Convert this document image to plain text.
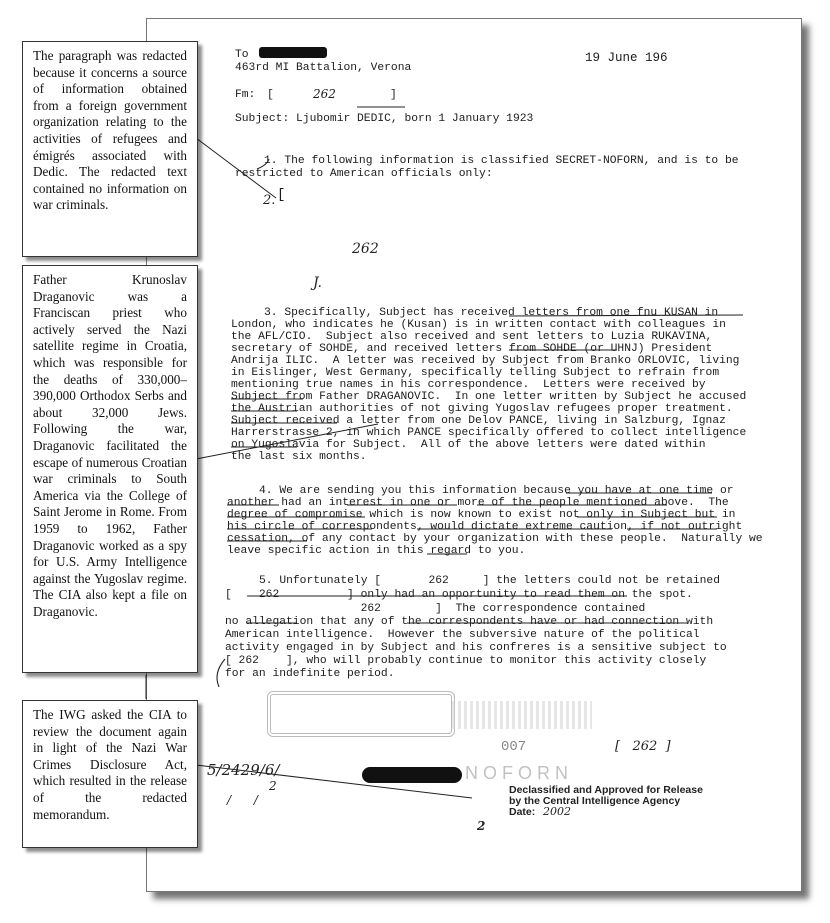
To
463rd MI Battalion, Verona
19 June 196
Fm: [	262	]
Subject: Ljubomir DEDIC, born 1 January 1923
1. The following information is classified SECRET-NOFORN, and is to be
restricted to American officials only:
2. [
262
J.
3. Specifically, Subject has received letters from one fnu KUSAN in
London, who indicates he (Kusan) is in written contact with colleagues in
the AFL/CIO.  Subject also received and sent letters to Luzia RUKAVINA,
secretary of SOHDE, and received letters from SOHDE (or UHNJ) President
Andrija ILIC.  A letter was received by Subject from Branko ORLOVIC, living
in Eislinger, West Germany, specifically telling Subject to refrain from
mentioning true names in his correspondence.  Letters were received by
Subject from Father DRAGANOVIC.  In one letter written by Subject he accused
the Austrian authorities of not giving Yugoslav refugees proper treatment.
Subject received a letter from one Delov PANCE, living in Salzburg, Ignaz
Harrerstrasse 2, in which PANCE specifically offered to collect intelligence
on Yugoslavia for Subject.  All of the above letters were dated within
the last six months.
4. We are sending you this information because you have at one time or
another had an interest in one or more of the people mentioned above.  The
degree of compromise which is now known to exist not only in Subject but in
his circle of correspondents, would dictate extreme caution, if not outright
cessation, of any contact by your organization with these people.  Naturally we
leave specific action in this regard to you.
5. Unfortunately [       262     ] the letters could not be retained
[    262          ] only had an opportunity to read them on the spot.
262        ]  The correspondence contained
no allegation that any of the correspondents have or had connection with
American intelligence.  However the subversive nature of the political
activity engaged in by Subject and his confreres is a sensitive subject to
[ 262    ], who will probably continue to monitor this activity closely
for an indefinite period.
007	[   262  ]
5/2429/6/
2
/      /
NOFORN
Declassified and Approved for Release
by the Central Intelligence Agency
Date: 2002
2
The paragraph was redacted because it concerns a source of information obtained from a foreign government organization relating to the activities of refugees and émigrés associated with Dedic. The redacted text contained no information on war criminals.
Father Krunoslav Draganovic was a Franciscan priest who actively served the Nazi satellite regime in Croatia, which was responsible for the deaths of 330,000–390,000 Orthodox Serbs and about 32,000 Jews. Following the war, Draganovic facilitated the escape of numerous Croatian war criminals to South America via the College of Saint Jerome in Rome. From 1959 to 1962, Father Draganovic worked as a spy for U.S. Army Intelligence against the Yugoslav regime. The CIA also kept a file on Draganovic.
The IWG asked the CIA to review the document again in light of the Nazi War Crimes Disclosure Act, which resulted in the release of the redacted memorandum.
